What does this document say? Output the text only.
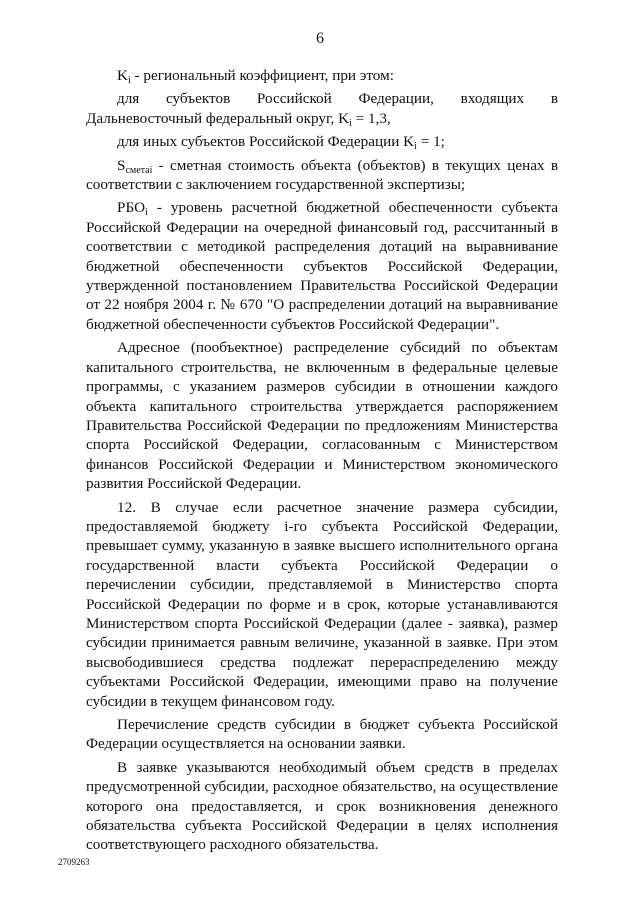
6

$K_i$ - региональный коэффициент, при этом:

для субъектов Российской Федерации, входящих в Дальневосточный федеральный округ, $K_i = 1,3$,

для иных субъектов Российской Федерации $K_i = 1$;

$S_{сметаi}$ - сметная стоимость объекта (объектов) в текущих ценах в соответствии с заключением государственной экспертизы;

$РБО_i$ - уровень расчетной бюджетной обеспеченности субъекта Российской Федерации на очередной финансовый год, рассчитанный в соответствии с методикой распределения дотаций на выравнивание бюджетной обеспеченности субъектов Российской Федерации, утвержденной постановлением Правительства Российской Федерации от 22 ноября 2004 г. № 670 "О распределении дотаций на выравнивание бюджетной обеспеченности субъектов Российской Федерации".

Адресное (пообъектное) распределение субсидий по объектам капитального строительства, не включенным в федеральные целевые программы, с указанием размеров субсидии в отношении каждого объекта капитального строительства утверждается распоряжением Правительства Российской Федерации по предложениям Министерства спорта Российской Федерации, согласованным с Министерством финансов Российской Федерации и Министерством экономического развития Российской Федерации.

12. В случае если расчетное значение размера субсидии, предоставляемой бюджету i-го субъекта Российской Федерации, превышает сумму, указанную в заявке высшего исполнительного органа государственной власти субъекта Российской Федерации о перечислении субсидии, представляемой в Министерство спорта Российской Федерации по форме и в срок, которые устанавливаются Министерством спорта Российской Федерации (далее - заявка), размер субсидии принимается равным величине, указанной в заявке. При этом высвободившиеся средства подлежат перераспределению между субъектами Российской Федерации, имеющими право на получение субсидии в текущем финансовом году.

Перечисление средств субсидии в бюджет субъекта Российской Федерации осуществляется на основании заявки.

В заявке указываются необходимый объем средств в пределах предусмотренной субсидии, расходное обязательство, на осуществление которого она предоставляется, и срок возникновения денежного обязательства субъекта Российской Федерации в целях исполнения соответствующего расходного обязательства.

2709263
